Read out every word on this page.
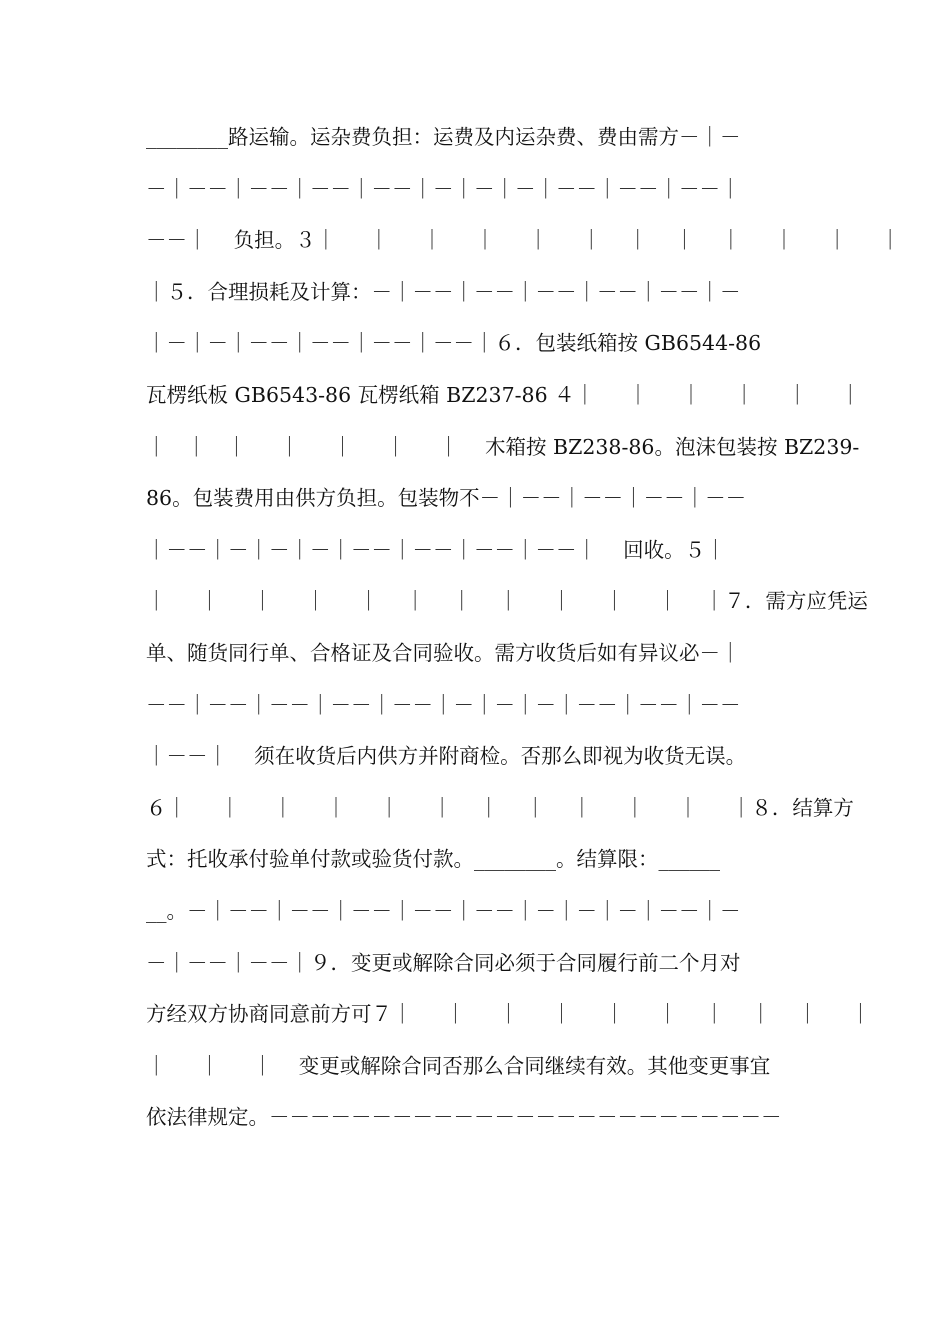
________路运输。运杂费负担：运费及内运杂费、费由需方－｜－
－｜－－｜－－｜－－｜－－｜－｜－｜－｜－－｜－－｜－－｜
－－｜    负担。３｜     ｜     ｜     ｜     ｜     ｜    ｜    ｜    ｜     ｜     ｜     ｜
｜５．合理损耗及计算：－｜－－｜－－｜－－｜－－｜－－｜－
｜－｜－｜－－｜－－｜－－｜－－｜６．包装纸箱按 GB6544-86
瓦楞纸板 GB6543-86 瓦楞纸箱 BZ237-86 ４｜     ｜     ｜     ｜     ｜     ｜
｜   ｜   ｜     ｜     ｜     ｜     ｜    木箱按 BZ238-86。泡沫包装按 BZ239-
86。包装费用由供方负担。包装物不－｜－－｜－－｜－－｜－－
｜－－｜－｜－｜－｜－－｜－－｜－－｜－－｜    回收。５｜
｜     ｜     ｜     ｜     ｜    ｜    ｜    ｜     ｜     ｜     ｜    ｜７．需方应凭运
单、随货同行单、合格证及合同验收。需方收货后如有异议必－｜
－－｜－－｜－－｜－－｜－－｜－｜－｜－｜－－｜－－｜－－
｜－－｜    须在收货后内供方并附商检。否那么即视为收货无误。
６｜     ｜     ｜     ｜     ｜     ｜    ｜    ｜    ｜     ｜     ｜     ｜８．结算方
式：托收承付验单付款或验货付款。________。结算限：______
__。－｜－－｜－－｜－－｜－－｜－－｜－｜－｜－｜－－｜－
－｜－－｜－－｜９．变更或解除合同必须于合同履行前二个月对
方经双方协商同意前方可７｜     ｜     ｜     ｜     ｜     ｜    ｜    ｜    ｜     ｜
｜     ｜     ｜    变更或解除合同否那么合同继续有效。其他变更事宜
依法律规定。－－－－－－－－－－－－－－－－－－－－－－－－－
